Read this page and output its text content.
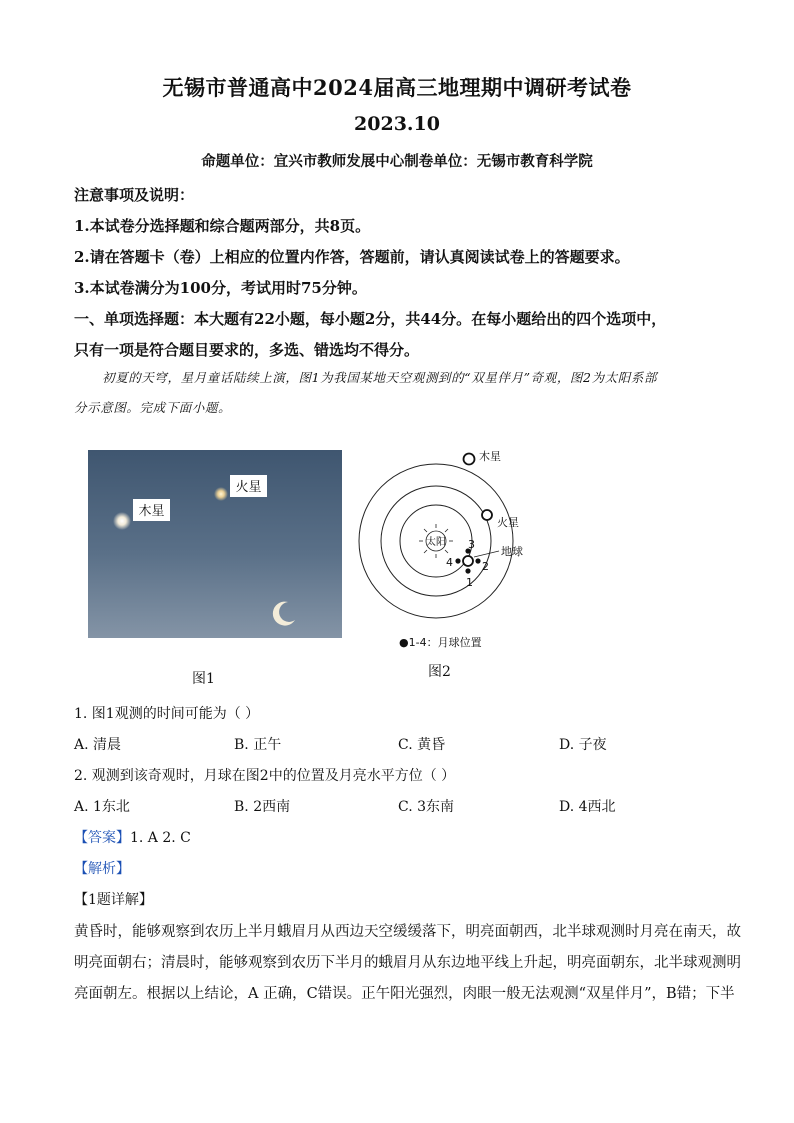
无锡市普通高中2024届高三地理期中调研考试卷
2023.10
命题单位：宜兴市教师发展中心制卷单位：无锡市教育科学院
注意事项及说明：
1.本试卷分选择题和综合题两部分，共8页。
2.请在答题卡（卷）上相应的位置内作答，答题前，请认真阅读试卷上的答题要求。
3.本试卷满分为100分，考试用时75分钟。
一、单项选择题：本大题有22小题，每小题2分，共44分。在每小题给出的四个选项中，
只有一项是符合题目要求的，多选、错选均不得分。
初夏的天穹，星月童话陆续上演，图1为我国某地天空观测到的“双星伴月”奇观，图2为太阳系部
分示意图。完成下面小题。
木星
火星
图1
太阳
木星
火星
地球
1
2
3
4
●1-4：月球位置
图2
1. 图1观测的时间可能为（ ）
A. 清晨	B. 正午	C. 黄昏	D. 子夜
2. 观测到该奇观时，月球在图2中的位置及月亮水平方位（ ）
A. 1东北	B. 2西南	C. 3东南	D. 4西北
【答案】1. A 2. C
【解析】
【1题详解】
黄昏时，能够观察到农历上半月蛾眉月从西边天空缓缓落下，明亮面朝西，北半球观测时月亮在南天，故
明亮面朝右；清晨时，能够观察到农历下半月的蛾眉月从东边地平线上升起，明亮面朝东，北半球观测明
亮面朝左。根据以上结论，A 正确，C错误。正午阳光强烈，肉眼一般无法观测“双星伴月”，B错；下半
